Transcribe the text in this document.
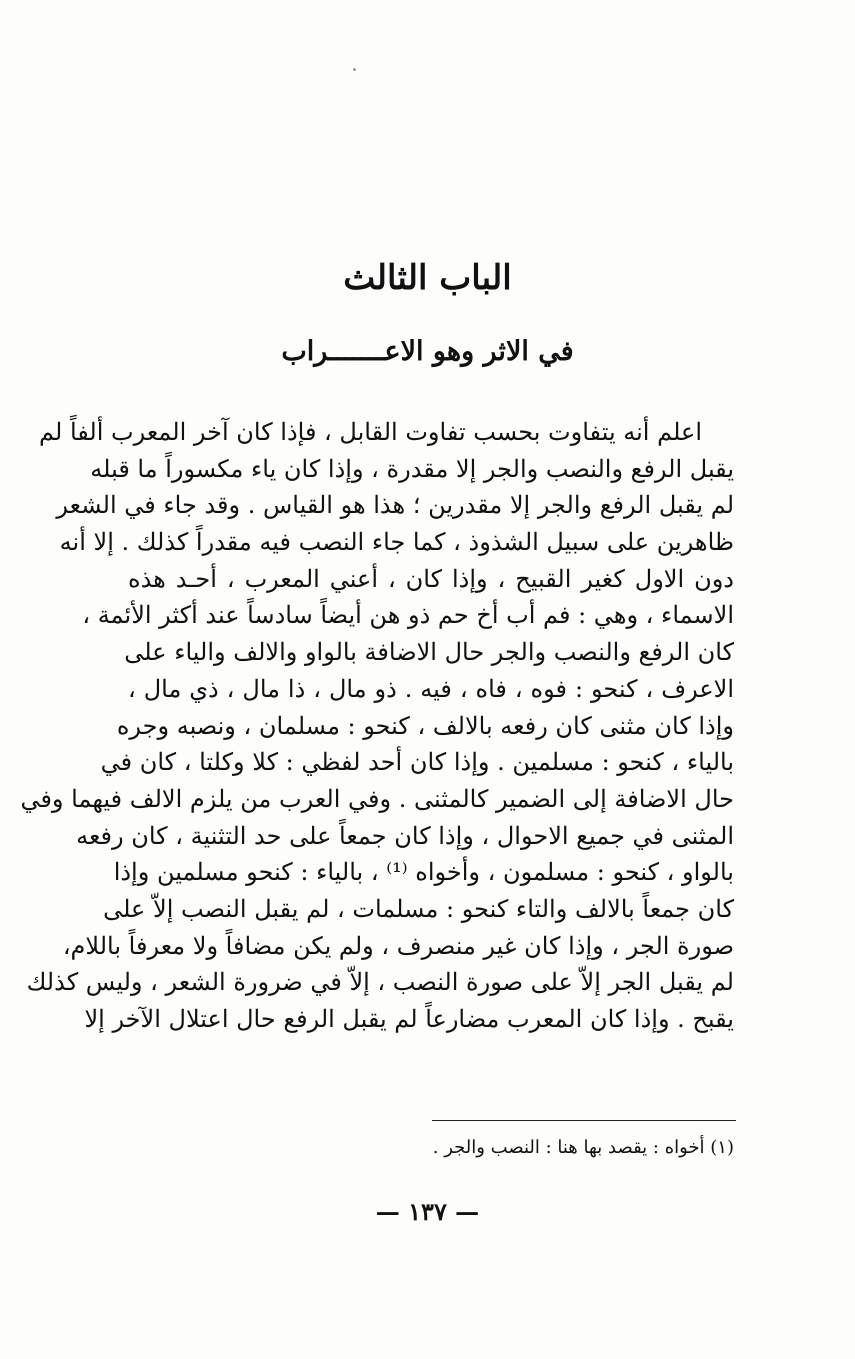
الباب الثالث
في الاثر وهو الاعـــــــراب
اعلم أنه يتفاوت بحسب تفاوت القابل ، فإذا كان آخر المعرب ألفاً لم
يقبل الرفع والنصب والجر إلا مقدرة ، وإذا كان ياء مكسوراً ما قبله
لم يقبل الرفع والجر إلا مقدرين ؛ هذا هو القياس . وقد جاء في الشعر
ظاهرين على سبيل الشذوذ ، كما جاء النصب فيه مقدراً كذلك . إلا أنه
دون الاول كغير القبيح ، وإذا كان ، أعني المعرب ، أحـد هذه
الاسماء ، وهي : فم أب أخ حم ذو هن أيضاً سادساً عند أكثر الأئمة ،
كان الرفع والنصب والجر حال الاضافة بالواو والالف والياء على
الاعرف ، كنحو : فوه ، فاه ، فيه . ذو مال ، ذا مال ، ذي مال ،
وإذا كان مثنى كان رفعه بالالف ، كنحو : مسلمان ، ونصبه وجره
بالياء ، كنحو : مسلمين . وإذا كان أحد لفظي : كلا وكلتا ، كان في
حال الاضافة إلى الضمير كالمثنى . وفي العرب من يلزم الالف فيهما وفي
المثنى في جميع الاحوال ، وإذا كان جمعاً على حد التثنية ، كان رفعه
بالواو ، كنحو : مسلمون ، وأخواه ⁽¹⁾ ، بالياء : كنحو مسلمين وإذا
كان جمعاً بالالف والتاء كنحو : مسلمات ، لم يقبل النصب إلاّ على
صورة الجر ، وإذا كان غير منصرف ، ولم يكن مضافاً ولا معرفاً باللام،
لم يقبل الجر إلاّ على صورة النصب ، إلاّ في ضرورة الشعر ، وليس كذلك
يقبح . وإذا كان المعرب مضارعاً لم يقبل الرفع حال اعتلال الآخر إلا
(١) أخواه : يقصد بها هنا : النصب والجر .
— ١٣٧ —
